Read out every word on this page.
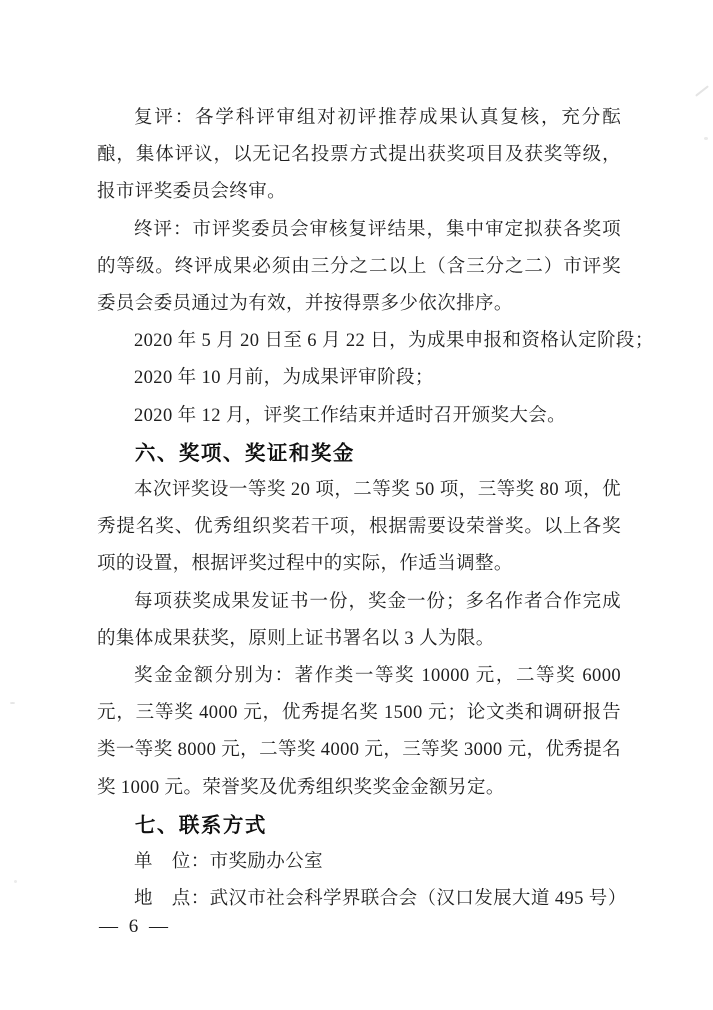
复评：各学科评审组对初评推荐成果认真复核，充分酝酿，集体评议，以无记名投票方式提出获奖项目及获奖等级，报市评奖委员会终审。

终评：市评奖委员会审核复评结果，集中审定拟获各奖项的等级。终评成果必须由三分之二以上（含三分之二）市评奖委员会委员通过为有效，并按得票多少依次排序。

2020 年 5 月 20 日至 6 月 22 日，为成果申报和资格认定阶段；

2020 年 10 月前，为成果评审阶段；

2020 年 12 月，评奖工作结束并适时召开颁奖大会。

六、奖项、奖证和奖金

本次评奖设一等奖 20 项，二等奖 50 项，三等奖 80 项，优秀提名奖、优秀组织奖若干项，根据需要设荣誉奖。以上各奖项的设置，根据评奖过程中的实际，作适当调整。

每项获奖成果发证书一份，奖金一份；多名作者合作完成的集体成果获奖，原则上证书署名以 3 人为限。

奖金金额分别为：著作类一等奖 10000 元，二等奖 6000 元，三等奖 4000 元，优秀提名奖 1500 元；论文类和调研报告类一等奖 8000 元，二等奖 4000 元，三等奖 3000 元，优秀提名奖 1000 元。荣誉奖及优秀组织奖奖金金额另定。

七、联系方式

单　位：市奖励办公室

地　点：武汉市社会科学界联合会（汉口发展大道 495 号）

— 6 —
